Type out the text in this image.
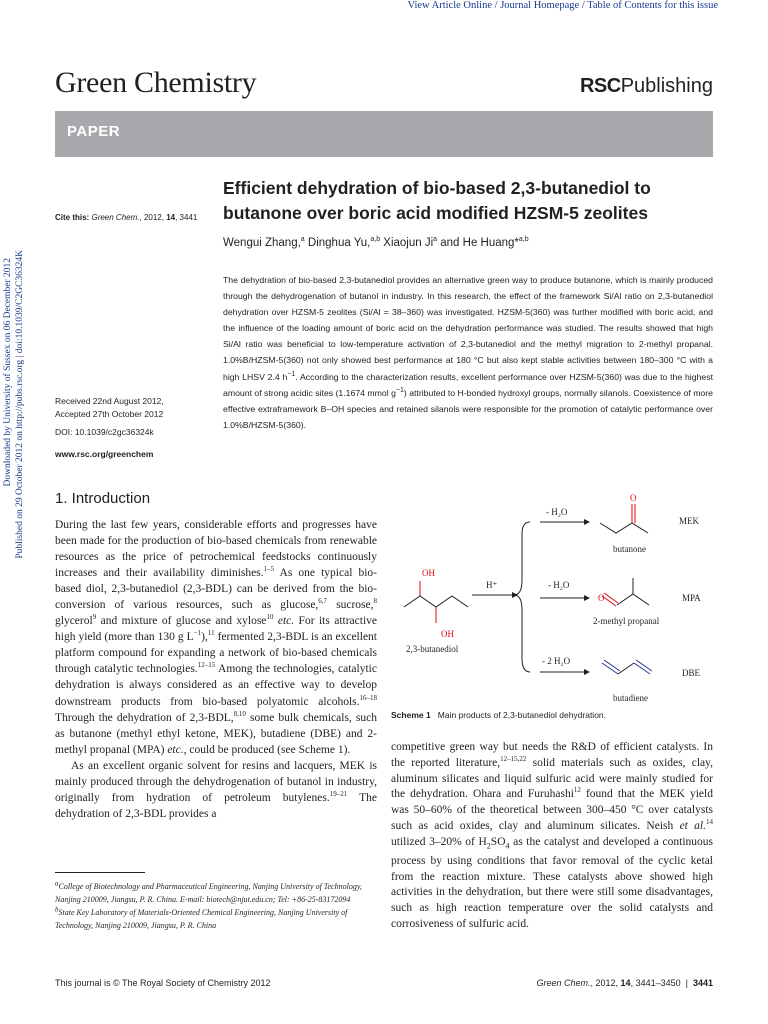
View Article Online / Journal Homepage / Table of Contents for this issue
Green Chemistry	RSCPublishing
PAPER
Efficient dehydration of bio-based 2,3-butanediol to butanone over boric acid modified HZSM-5 zeolites
Cite this: Green Chem., 2012, 14, 3441
Wengui Zhang,$^a$ Dinghua Yu,$^{a,b}$ Xiaojun Ji$^a$ and He Huang*$^{a,b}$
The dehydration of bio-based 2,3-butanediol provides an alternative green way to produce butanone, which is mainly produced through the dehydrogenation of butanol in industry. In this research, the effect of the framework Si/Al ratio on 2,3-butanediol dehydration over HZSM-5 zeolites (Si/Al = 38–360) was investigated. HZSM-5(360) was further modified with boric acid, and the influence of the loading amount of boric acid on the dehydration performance was studied. The results showed that high Si/Al ratio was beneficial to low-temperature activation of 2,3-butanediol and the methyl migration to 2-methyl propanal. 1.0%B/HZSM-5(360) not only showed best performance at 180 °C but also kept stable activities between 180–300 °C with a high LHSV 2.4 $h^{-1}$. According to the characterization results, excellent performance over HZSM-5(360) was due to the highest amount of strong acidic sites (1.1674 mmol $g^{-1}$) attributed to H-bonded hydroxyl groups, normally silanols. Coexistence of more effective extraframework B–OH species and retained silanols were responsible for the promotion of catalytic performance over 1.0%B/HZSM-5(360).
Received 22nd August 2012,
Accepted 27th October 2012
DOI: 10.1039/c2gc36324k
www.rsc.org/greenchem
Downloaded by University of Sussex on 06 December 2012 Published on 29 October 2012 on http://pubs.rsc.org | doi:10.1039/C2GC36324K 1. Introduction

During the last few years, considerable efforts and progresses have been made for the production of bio-based chemicals from renewable resources as the price of petrochemical feedstocks continuously increases and their availability diminishes.$^{1-5}$ As one typical bio-based diol, 2,3-butanediol (2,3-BDL) can be derived from the bio-conversion of various resources, such as glucose,$^{6,7}$ sucrose,$^8$ glycerol$^9$ and mixture of glucose and xylose$^{10}$ etc. For its attractive high yield (more than 130 g $L^{-1}),^{11}$ fermented 2,3-BDL is an excellent platform compound for expanding a network of bio-based chemicals through catalytic technologies.$^{12-15}$ Among the technologies, catalytic dehydration is always considered as an effective way to develop downstream products from bio-based polyatomic alcohols.$^{16-18}$ Through the dehydration of 2,3-BDL,$^{8,10}$ some bulk chemicals, such as butanone (methyl ethyl ketone, MEK), butadiene (DBE) and 2-methyl propanal (MPA) etc., could be produced (see Scheme 1).

As an excellent organic solvent for resins and lacquers, MEK is mainly produced through the dehydrogenation of butanol in industry, originally from hydration of petroleum butylenes.$^{19-21}$ The dehydration of 2,3-BDL provides a

OH
OH
2,3-butanediol
H⁺
- H₂O
O
butanone
MEK
- H₂O
O
2-methyl propanal
MPA
- 2 H₂O
butadiene
DBE
Scheme 1 Main products of 2,3-butanediol dehydration.
competitive green way but needs the R&D of efficient catalysts. In the reported literature,$^{12-15,22}$ solid materials such as oxides, clay, aluminum silicates and liquid sulfuric acid were mainly studied for the dehydration. Ohara and Furuhashi$^{12}$ found that the MEK yield was 50–60% of the theoretical between 300–450 °C over catalysts such as acid oxides, clay and aluminum silicates. Neish et al.$^{14}$ utilized 3–20% of $H_2SO_4$ as the catalyst and developed a continuous process by using conditions that favor removal of the cyclic ketal from the reaction mixture. These catalysts above showed high activities in the dehydration, but there were still some disadvantages, such as high reaction temperature over the solid catalysts and corrosiveness of sulfuric acid.
$^a$College of Biotechnology and Pharmaceutical Engineering, Nanjing University of Technology, Nanjing 210009, Jiangsu, P. R. China. E-mail: biotech@njut.edu.cn; Tel: +86-25-83172094
$^b$State Key Laboratory of Materials-Oriented Chemical Engineering, Nanjing University of Technology, Nanjing 210009, Jiangsu, P. R. China
This journal is © The Royal Society of Chemistry 2012	Green Chem., 2012, 14, 3441–3450  |  3441
